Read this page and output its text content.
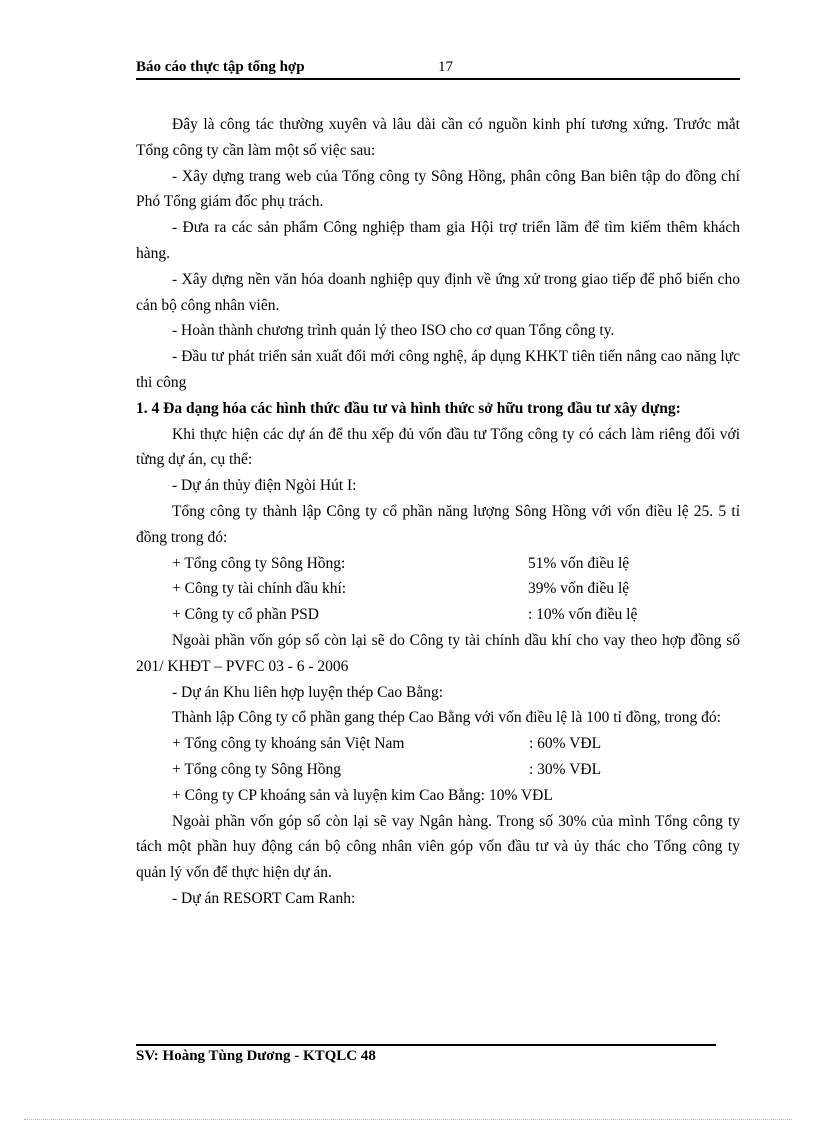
Báo cáo thực tập tổng hợp	17

Đây là công tác thường xuyên và lâu dài cần có nguồn kinh phí tương xứng. Trước mắt Tổng công ty cần làm một số việc sau:

- Xây dựng trang web của Tổng công ty Sông Hồng, phân công Ban biên tập do đồng chí Phó Tổng giám đốc phụ trách.

- Đưa ra các sản phẩm Công nghiệp tham gia Hội trợ triển lãm để tìm kiếm thêm khách hàng.

- Xây dựng nền văn hóa doanh nghiệp quy định về ứng xử trong giao tiếp để phổ biến cho cán bộ công nhân viên.

- Hoàn thành chương trình quản lý theo ISO cho cơ quan Tổng công ty.

- Đầu tư phát triển sản xuất đổi mới công nghệ, áp dụng KHKT tiên tiến nâng cao năng lực thi công

1. 4 Đa dạng hóa các hình thức đầu tư và hình thức sở hữu trong đầu tư xây dựng:

Khi thực hiện các dự án để thu xếp đủ vốn đầu tư Tổng công ty có cách làm riêng đối với từng dự án, cụ thể:

- Dự án thủy điện Ngòi Hút I:

Tổng công ty thành lập Công ty cổ phần năng lượng Sông Hồng với vốn điều lệ 25. 5 tỉ đồng trong đó:

+ Tổng công ty Sông Hồng:	51% vốn điều lệ
+ Công ty tài chính dầu khí:	39% vốn điều lệ
+ Công ty cổ phần PSD	: 10% vốn điều lệ

Ngoài phần vốn góp số còn lại sẽ do Công ty tài chính dầu khí cho vay theo hợp đồng số 201/ KHĐT – PVFC 03 - 6 - 2006

- Dự án Khu liên hợp luyện thép Cao Bằng:

Thành lập Công ty cổ phần gang thép Cao Bằng với vốn điều lệ là 100 tỉ đồng, trong đó:

+ Tổng công ty khoáng sản Việt Nam	: 60% VĐL
+ Tổng công ty Sông Hồng	: 30% VĐL
+ Công ty CP khoáng sản và luyện kim Cao Bằng: 10% VĐL

Ngoài phần vốn góp số còn lại sẽ vay Ngân hàng. Trong số 30% của mình Tổng công ty tách một phần huy động cán bộ công nhân viên góp vốn đầu tư và ủy thác cho Tổng công ty quản lý vốn để thực hiện dự án.

- Dự án RESORT Cam Ranh:

SV: Hoàng Tùng Dương - KTQLC 48
